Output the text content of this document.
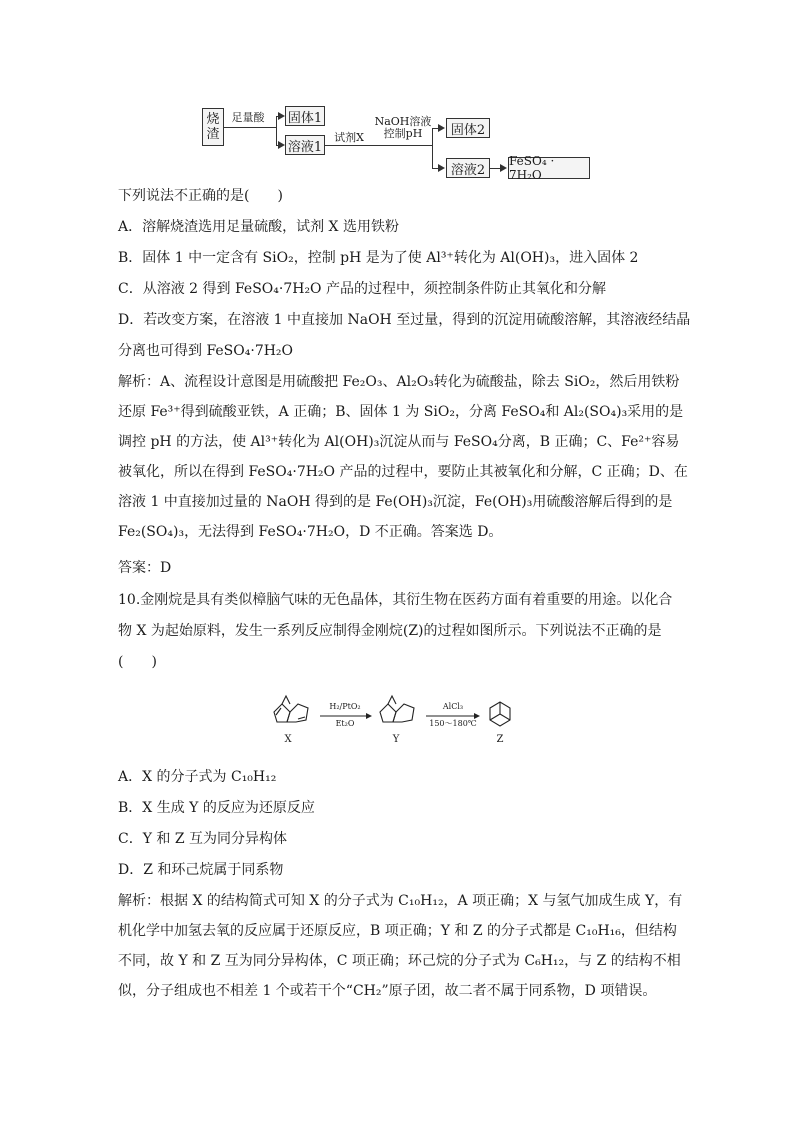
烧
渣
足量酸	固体1
溶液1
试剂X
NaOH溶液
控制pH	固体2
溶液2
FeSO₄ · 7H₂O
下列说法不正确的是(　　)
A．溶解烧渣选用足量硫酸，试剂 X 选用铁粉
B．固体 1 中一定含有 SiO₂，控制 pH 是为了使 Al³⁺转化为 Al(OH)₃，进入固体 2
C．从溶液 2 得到 FeSO₄·7H₂O 产品的过程中，须控制条件防止其氧化和分解
D．若改变方案，在溶液 1 中直接加 NaOH 至过量，得到的沉淀用硫酸溶解，其溶液经结晶
分离也可得到 FeSO₄·7H₂O
解析：A、流程设计意图是用硫酸把 Fe₂O₃、Al₂O₃转化为硫酸盐，除去 SiO₂，然后用铁粉还原 Fe³⁺得到硫酸亚铁，A 正确；B、固体 1 为 SiO₂，分离 FeSO₄和 Al₂(SO₄)₃采用的是调控 pH 的方法，使 Al³⁺转化为 Al(OH)₃沉淀从而与 FeSO₄分离，B 正确；C、Fe²⁺容易被氧化，所以在得到 FeSO₄·7H₂O 产品的过程中，要防止其被氧化和分解，C 正确；D、在溶液 1 中直接加过量的 NaOH 得到的是 Fe(OH)₃沉淀，Fe(OH)₃用硫酸溶解后得到的是 Fe₂(SO₄)₃，无法得到 FeSO₄·7H₂O，D 不正确。答案选 D。
答案：D
10.金刚烷是具有类似樟脑气味的无色晶体，其衍生物在医药方面有着重要的用途。以化合
物 X 为起始原料，发生一系列反应制得金刚烷(Z)的过程如图所示。下列说法不正确的是
(　　)
H₂/PtO₂
Et₂O
AlCl₃
150～180℃
X	Y	Z
A．X 的分子式为 C₁₀H₁₂
B．X 生成 Y 的反应为还原反应
C．Y 和 Z 互为同分异构体
D．Z 和环己烷属于同系物
解析：根据 X 的结构简式可知 X 的分子式为 C₁₀H₁₂，A 项正确；X 与氢气加成生成 Y，有机化学中加氢去氧的反应属于还原反应，B 项正确；Y 和 Z 的分子式都是 C₁₀H₁₆，但结构不同，故 Y 和 Z 互为同分异构体，C 项正确；环己烷的分子式为 C₆H₁₂，与 Z 的结构不相似，分子组成也不相差 1 个或若干个“CH₂”原子团，故二者不属于同系物，D 项错误。
